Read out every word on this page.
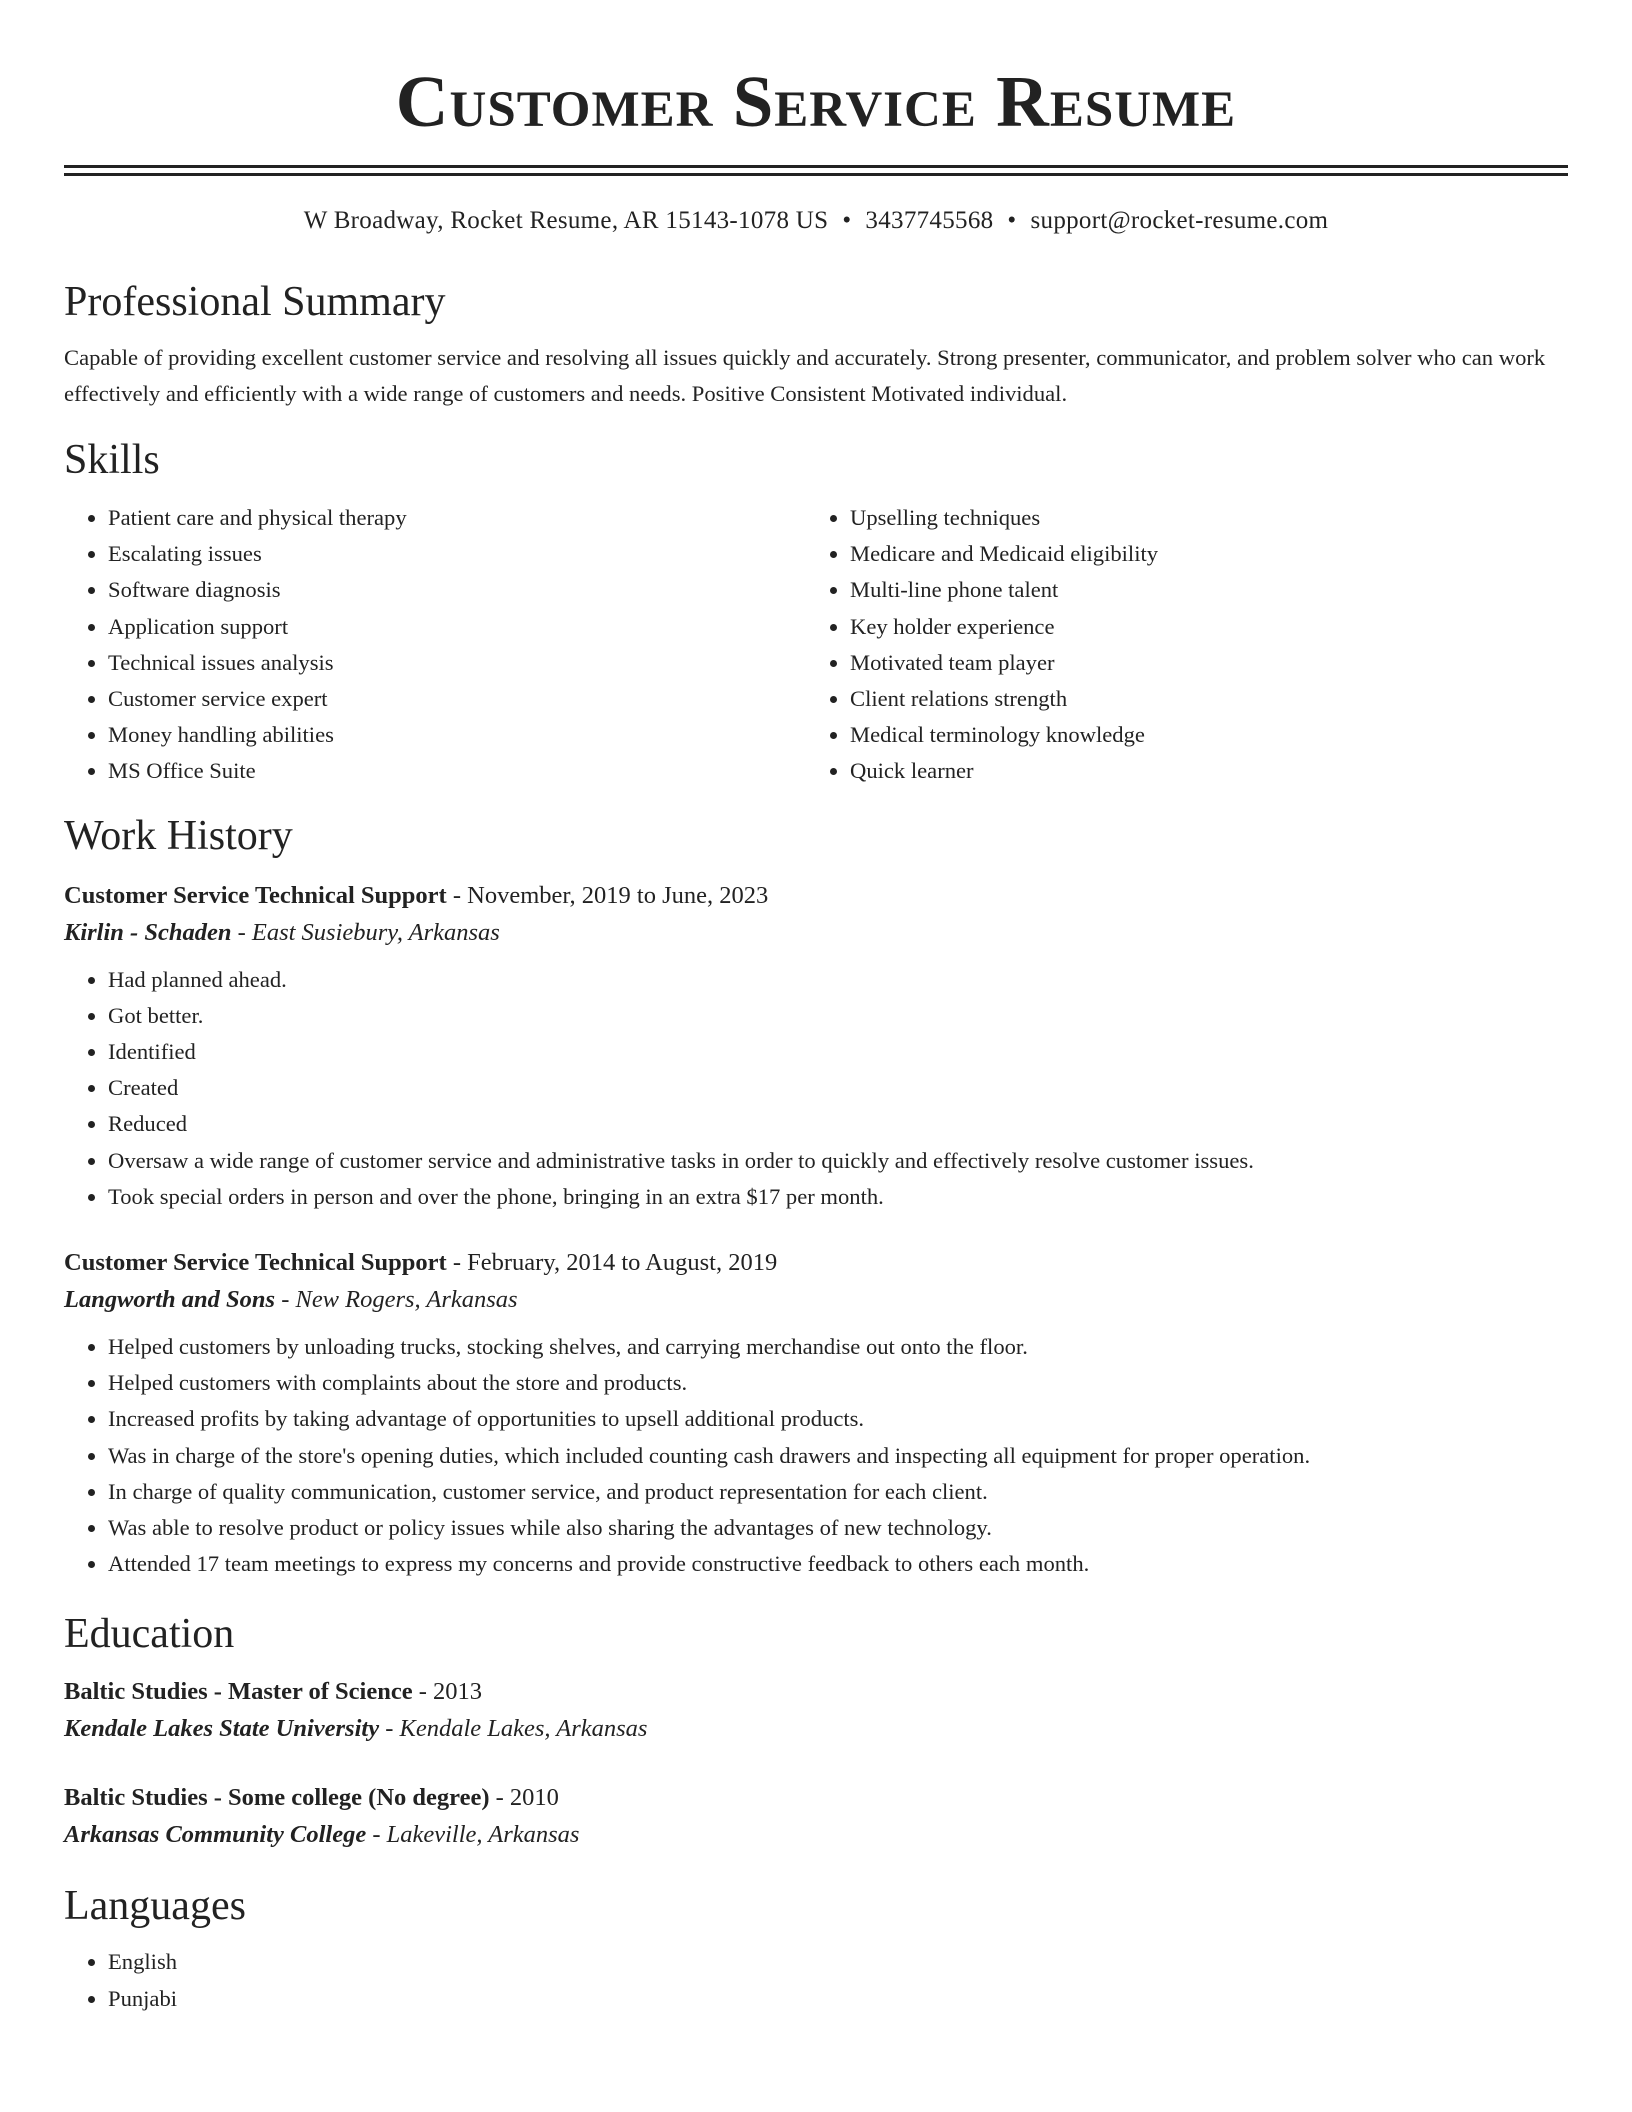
Customer Service Resume
W Broadway, Rocket Resume, AR 15143-1078 US • 3437745568 • support@rocket-resume.com
Professional Summary
Capable of providing excellent customer service and resolving all issues quickly and accurately. Strong presenter, communicator, and problem solver who can work effectively and efficiently with a wide range of customers and needs. Positive Consistent Motivated individual.
Skills
• Patient care and physical therapy
• Escalating issues
• Software diagnosis
• Application support
• Technical issues analysis
• Customer service expert
• Money handling abilities
• MS Office Suite
• Upselling techniques
• Medicare and Medicaid eligibility
• Multi-line phone talent
• Key holder experience
• Motivated team player
• Client relations strength
• Medical terminology knowledge
• Quick learner
Work History
Customer Service Technical Support - November, 2019 to June, 2023
Kirlin - Schaden - East Susiebury, Arkansas
• Had planned ahead.
• Got better.
• Identified
• Created
• Reduced
• Oversaw a wide range of customer service and administrative tasks in order to quickly and effectively resolve customer issues.
• Took special orders in person and over the phone, bringing in an extra $17 per month.
Customer Service Technical Support - February, 2014 to August, 2019
Langworth and Sons - New Rogers, Arkansas
• Helped customers by unloading trucks, stocking shelves, and carrying merchandise out onto the floor.
• Helped customers with complaints about the store and products.
• Increased profits by taking advantage of opportunities to upsell additional products.
• Was in charge of the store's opening duties, which included counting cash drawers and inspecting all equipment for proper operation.
• In charge of quality communication, customer service, and product representation for each client.
• Was able to resolve product or policy issues while also sharing the advantages of new technology.
• Attended 17 team meetings to express my concerns and provide constructive feedback to others each month.
Education
Baltic Studies - Master of Science - 2013
Kendale Lakes State University - Kendale Lakes, Arkansas
Baltic Studies - Some college (No degree) - 2010
Arkansas Community College - Lakeville, Arkansas
Languages
• English
• Punjabi
